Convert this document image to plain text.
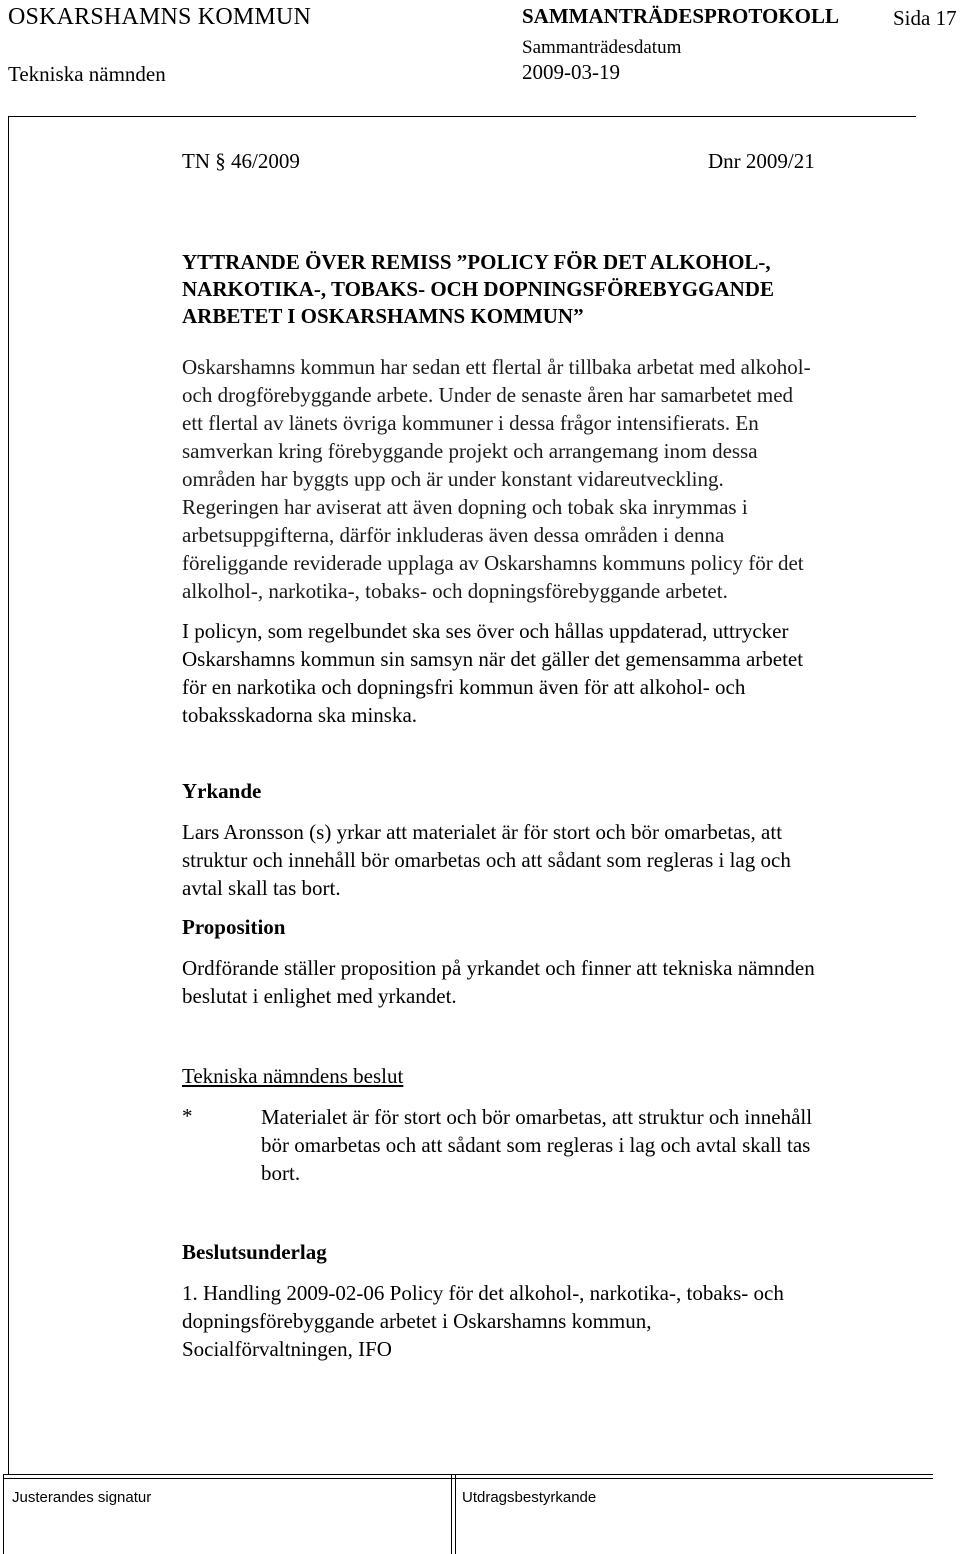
OSKARSHAMNS KOMMUN	SAMMANTRÄDESPROTOKOLL	Sida 17
Tekniska nämnden
Sammanträdesdatum
2009-03-19
TN § 46/2009	Dnr 2009/21
YTTRANDE ÖVER REMISS ”POLICY FÖR DET ALKOHOL-,
NARKOTIKA-, TOBAKS- OCH DOPNINGSFÖREBYGGANDE
ARBETET I OSKARSHAMNS KOMMUN”
Oskarshamns kommun har sedan ett flertal år tillbaka arbetat med alkohol-
och drogförebyggande arbete. Under de senaste åren har samarbetet med
ett flertal av länets övriga kommuner i dessa frågor intensifierats. En
samverkan kring förebyggande projekt och arrangemang inom dessa
områden har byggts upp och är under konstant vidareutveckling.
Regeringen har aviserat att även dopning och tobak ska inrymmas i
arbetsuppgifterna, därför inkluderas även dessa områden i denna
föreliggande reviderade upplaga av Oskarshamns kommuns policy för det
alkolhol-, narkotika-, tobaks- och dopningsförebyggande arbetet.
I policyn, som regelbundet ska ses över och hållas uppdaterad, uttrycker
Oskarshamns kommun sin samsyn när det gäller det gemensamma arbetet
för en narkotika och dopningsfri kommun även för att alkohol- och
tobaksskadorna ska minska.
Yrkande
Lars Aronsson (s) yrkar att materialet är för stort och bör omarbetas, att
struktur och innehåll bör omarbetas och att sådant som regleras i lag och
avtal skall tas bort.
Proposition
Ordförande ställer proposition på yrkandet och finner att tekniska nämnden
beslutat i enlighet med yrkandet.
Tekniska nämndens beslut
*	Materialet är för stort och bör omarbetas, att struktur och innehåll
bör omarbetas och att sådant som regleras i lag och avtal skall tas
bort.
Beslutsunderlag
1. Handling 2009-02-06 Policy för det alkohol-, narkotika-, tobaks- och
dopningsförebyggande arbetet i Oskarshamns kommun,
Socialförvaltningen, IFO
Justerandes signatur	Utdragsbestyrkande
